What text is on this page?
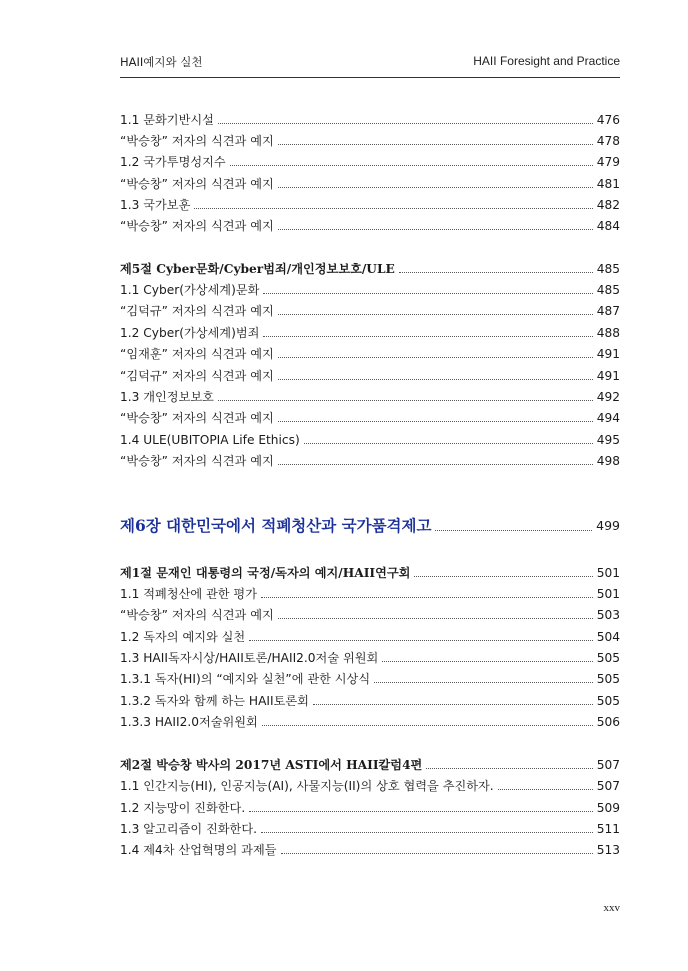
HAII예지와 실천	HAII Foresight and Practice
1.1 문화기반시설	476
“박승창” 저자의 식견과 예지	478
1.2 국가투명성지수	479
“박승창” 저자의 식견과 예지	481
1.3 국가보훈	482
“박승창” 저자의 식견과 예지	484
제5절 Cyber문화/Cyber범죄/개인정보보호/ULE	485
1.1 Cyber(가상세계)문화	485
“김덕규” 저자의 식견과 예지	487
1.2 Cyber(가상세계)범죄	488
“임재훈” 저자의 식견과 예지	491
“김덕규” 저자의 식견과 예지	491
1.3 개인정보보호	492
“박승창” 저자의 식견과 예지	494
1.4 ULE(UBITOPIA Life Ethics)	495
“박승창” 저자의 식견과 예지	498
제6장 대한민국에서 적폐청산과 국가품격제고	499
제1절 문재인 대통령의 국정/독자의 예지/HAII연구회	501
1.1 적폐청산에 관한 평가	501
“박승창” 저자의 식견과 예지	503
1.2 독자의 예지와 실천	504
1.3 HAII독자시상/HAII토론/HAII2.0저술 위원회	505
1.3.1 독자(HI)의 “예지와 실천”에 관한 시상식	505
1.3.2 독자와 함께 하는 HAII토론회	505
1.3.3 HAII2.0저술위원회	506
제2절 박승창 박사의 2017년 ASTI에서 HAII칼럼4편	507
1.1 인간지능(HI), 인공지능(AI), 사물지능(II)의 상호 협력을 추진하자.	507
1.2 지능망이 진화한다.	509
1.3 알고리즘이 진화한다.	511
1.4 제4차 산업혁명의 과제들	513
xxv
